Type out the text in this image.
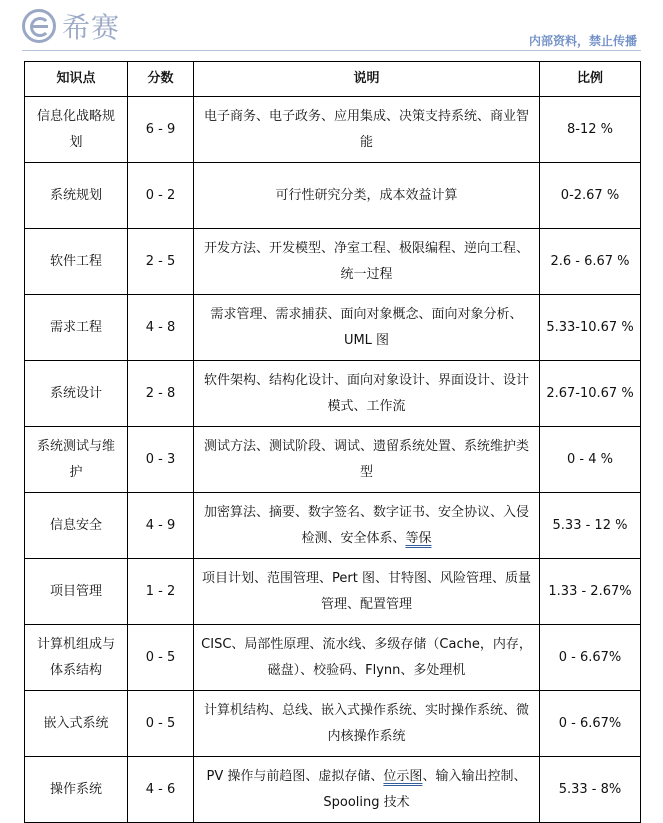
希赛	内部资料，禁止传播
知识点	分数	说明	比例
信息化战略规划	6 - 9	电子商务、电子政务、应用集成、决策支持系统、商业智能	8-12 %
系统规划	0 - 2	可行性研究分类，成本效益计算	0-2.67 %
软件工程	2 - 5	开发方法、开发模型、净室工程、极限编程、逆向工程、统一过程	2.6 - 6.67 %
需求工程	4 - 8	需求管理、需求捕获、面向对象概念、面向对象分析、UML 图	5.33-10.67 %
系统设计	2 - 8	软件架构、结构化设计、面向对象设计、界面设计、设计模式、工作流	2.67-10.67 %
系统测试与维护	0 - 3	测试方法、测试阶段、调试、遗留系统处置、系统维护类型	0 - 4 %
信息安全	4 - 9	加密算法、摘要、数字签名、数字证书、安全协议、入侵检测、安全体系、等保	5.33 - 12 %
项目管理	1 - 2	项目计划、范围管理、Pert 图、甘特图、风险管理、质量管理、配置管理	1.33 - 2.67%
计算机组成与体系结构	0 - 5	CISC、局部性原理、流水线、多级存储（Cache，内存，磁盘）、校验码、Flynn、多处理机	0 - 6.67%
嵌入式系统	0 - 5	计算机结构、总线、嵌入式操作系统、实时操作系统、微内核操作系统	0 - 6.67%
操作系统	4 - 6	PV 操作与前趋图、虚拟存储、位示图、输入输出控制、Spooling 技术	5.33 - 8%
